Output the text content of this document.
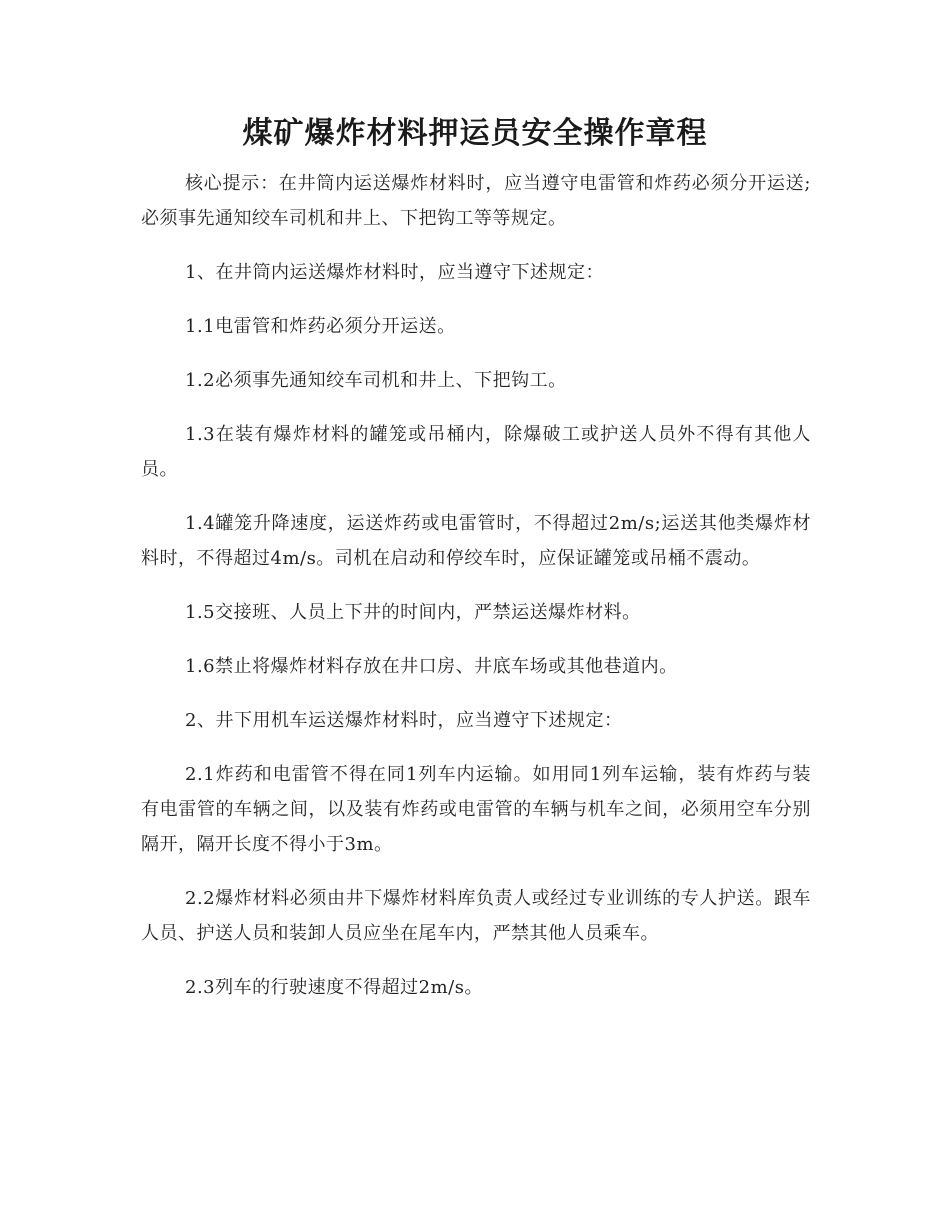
煤矿爆炸材料押运员安全操作章程

核心提示：在井筒内运送爆炸材料时，应当遵守电雷管和炸药必须分开运送;必须事先通知绞车司机和井上、下把钩工等等规定。

1、在井筒内运送爆炸材料时，应当遵守下述规定：

1.1电雷管和炸药必须分开运送。

1.2必须事先通知绞车司机和井上、下把钩工。

1.3在装有爆炸材料的罐笼或吊桶内，除爆破工或护送人员外不得有其他人员。

1.4罐笼升降速度，运送炸药或电雷管时，不得超过2m/s;运送其他类爆炸材料时，不得超过4m/s。司机在启动和停绞车时，应保证罐笼或吊桶不震动。

1.5交接班、人员上下井的时间内，严禁运送爆炸材料。

1.6禁止将爆炸材料存放在井口房、井底车场或其他巷道内。

2、井下用机车运送爆炸材料时，应当遵守下述规定：

2.1炸药和电雷管不得在同1列车内运输。如用同1列车运输，装有炸药与装有电雷管的车辆之间，以及装有炸药或电雷管的车辆与机车之间，必须用空车分别隔开，隔开长度不得小于3m。

2.2爆炸材料必须由井下爆炸材料库负责人或经过专业训练的专人护送。跟车人员、护送人员和装卸人员应坐在尾车内，严禁其他人员乘车。

2.3列车的行驶速度不得超过2m/s。
